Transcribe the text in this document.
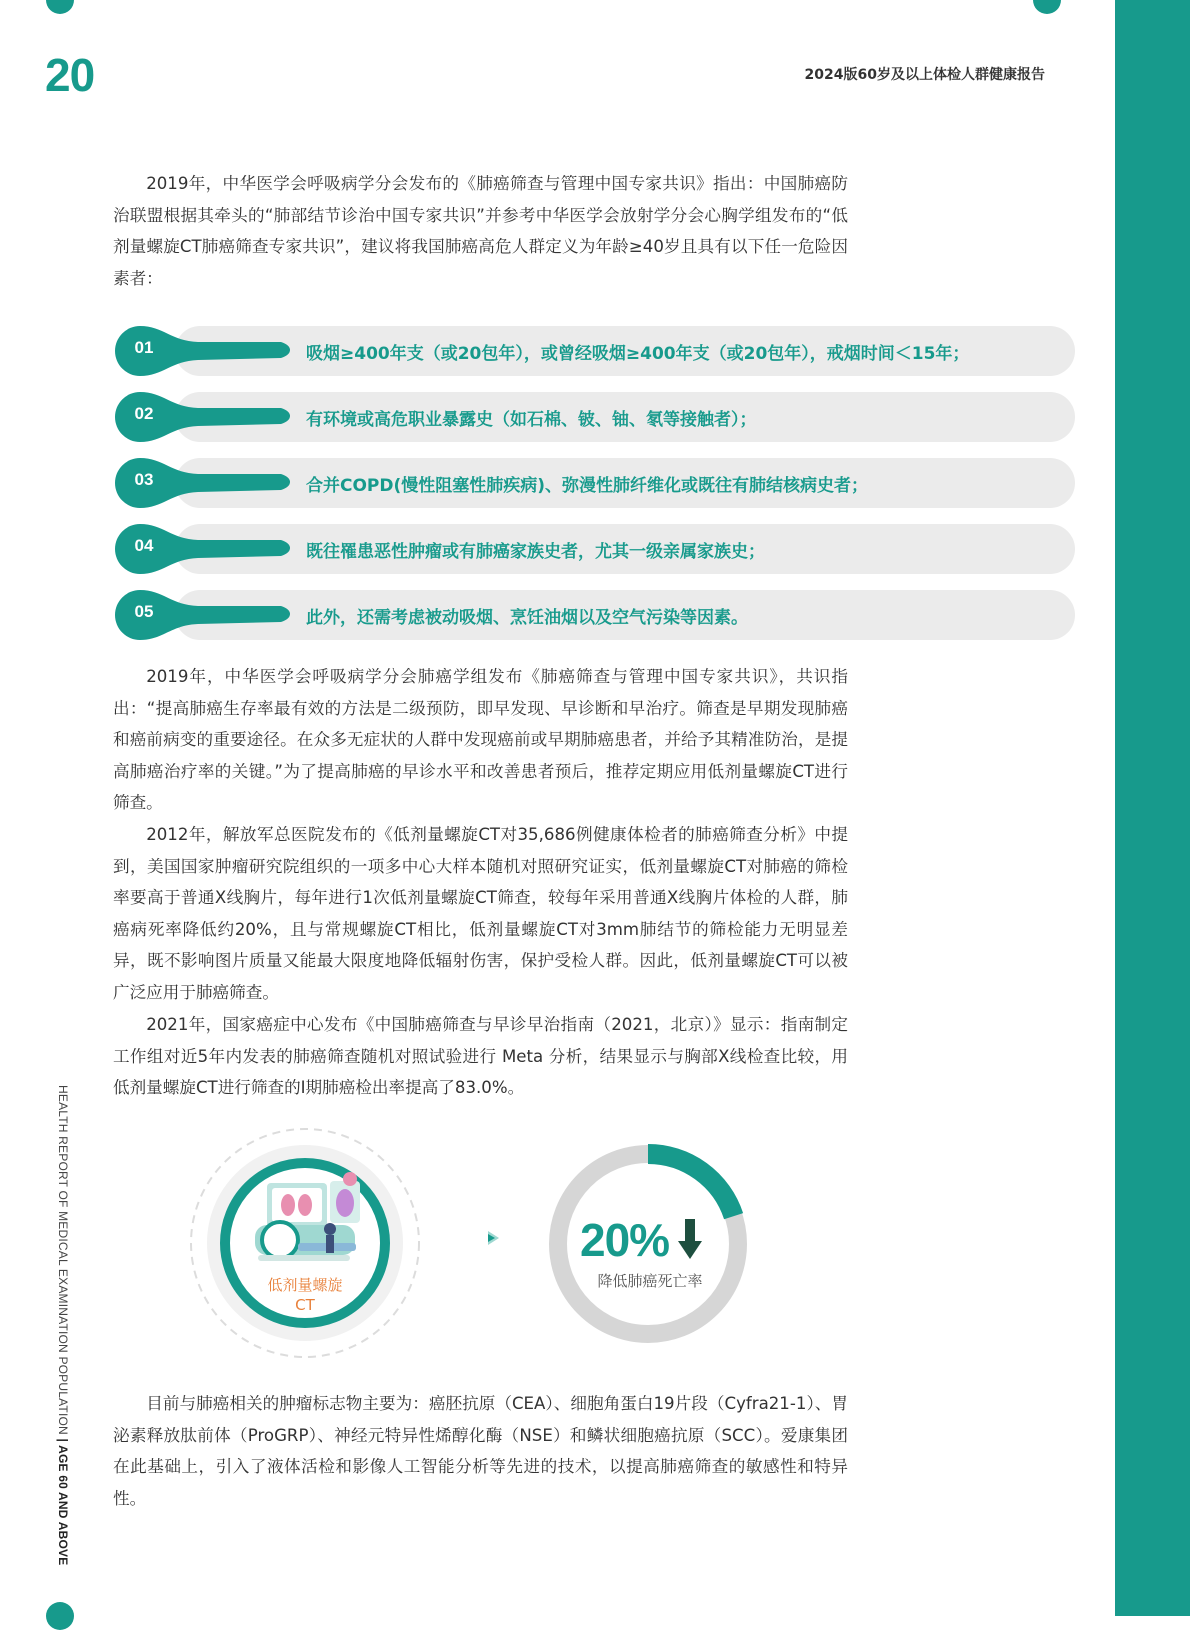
20	2024版60岁及以上体检人群健康报告
HEALTH REPORT OF MEDICAL EXAMINATION POPULATION | AGE 60 AND ABOVE

2019年，中华医学会呼吸病学分会发布的《肺癌筛查与管理中国专家共识》指出：中国肺癌防治联盟根据其牵头的“肺部结节诊治中国专家共识”并参考中华医学会放射学分会心胸学组发布的“低剂量螺旋CT肺癌筛查专家共识”，建议将我国肺癌高危人群定义为年龄≥40岁且具有以下任一危险因素者：

01	吸烟≥400年支（或20包年），或曾经吸烟≥400年支（或20包年），戒烟时间＜15年；
02	有环境或高危职业暴露史（如石棉、铍、铀、氡等接触者）；
03	合并COPD(慢性阻塞性肺疾病)、弥漫性肺纤维化或既往有肺结核病史者；
04	既往罹患恶性肿瘤或有肺癌家族史者，尤其一级亲属家族史；
05	此外，还需考虑被动吸烟、烹饪油烟以及空气污染等因素。

2019年，中华医学会呼吸病学分会肺癌学组发布《肺癌筛查与管理中国专家共识》，共识指出：“提高肺癌生存率最有效的方法是二级预防，即早发现、早诊断和早治疗。筛查是早期发现肺癌和癌前病变的重要途径。在众多无症状的人群中发现癌前或早期肺癌患者，并给予其精准防治，是提高肺癌治疗率的关键。”为了提高肺癌的早诊水平和改善患者预后，推荐定期应用低剂量螺旋CT进行筛查。

2012年，解放军总医院发布的《低剂量螺旋CT对35,686例健康体检者的肺癌筛查分析》中提到，美国国家肿瘤研究院组织的一项多中心大样本随机对照研究证实，低剂量螺旋CT对肺癌的筛检率要高于普通X线胸片，每年进行1次低剂量螺旋CT筛查，较每年采用普通X线胸片体检的人群，肺癌病死率降低约20%，且与常规螺旋CT相比，低剂量螺旋CT对3mm肺结节的筛检能力无明显差异，既不影响图片质量又能最大限度地降低辐射伤害，保护受检人群。因此，低剂量螺旋CT可以被广泛应用于肺癌筛查。

2021年，国家癌症中心发布《中国肺癌筛查与早诊早治指南（2021，北京）》显示：指南制定工作组对近5年内发表的肺癌筛查随机对照试验进行 Meta 分析，结果显示与胸部X线检查比较，用低剂量螺旋CT进行筛查的I期肺癌检出率提高了83.0%。

低剂量螺旋
CT
20%
降低肺癌死亡率

目前与肺癌相关的肿瘤标志物主要为：癌胚抗原（CEA）、细胞角蛋白19片段（Cyfra21-1）、胃泌素释放肽前体（ProGRP）、神经元特异性烯醇化酶（NSE）和鳞状细胞癌抗原（SCC）。爱康集团在此基础上，引入了液体活检和影像人工智能分析等先进的技术，以提高肺癌筛查的敏感性和特异性。
